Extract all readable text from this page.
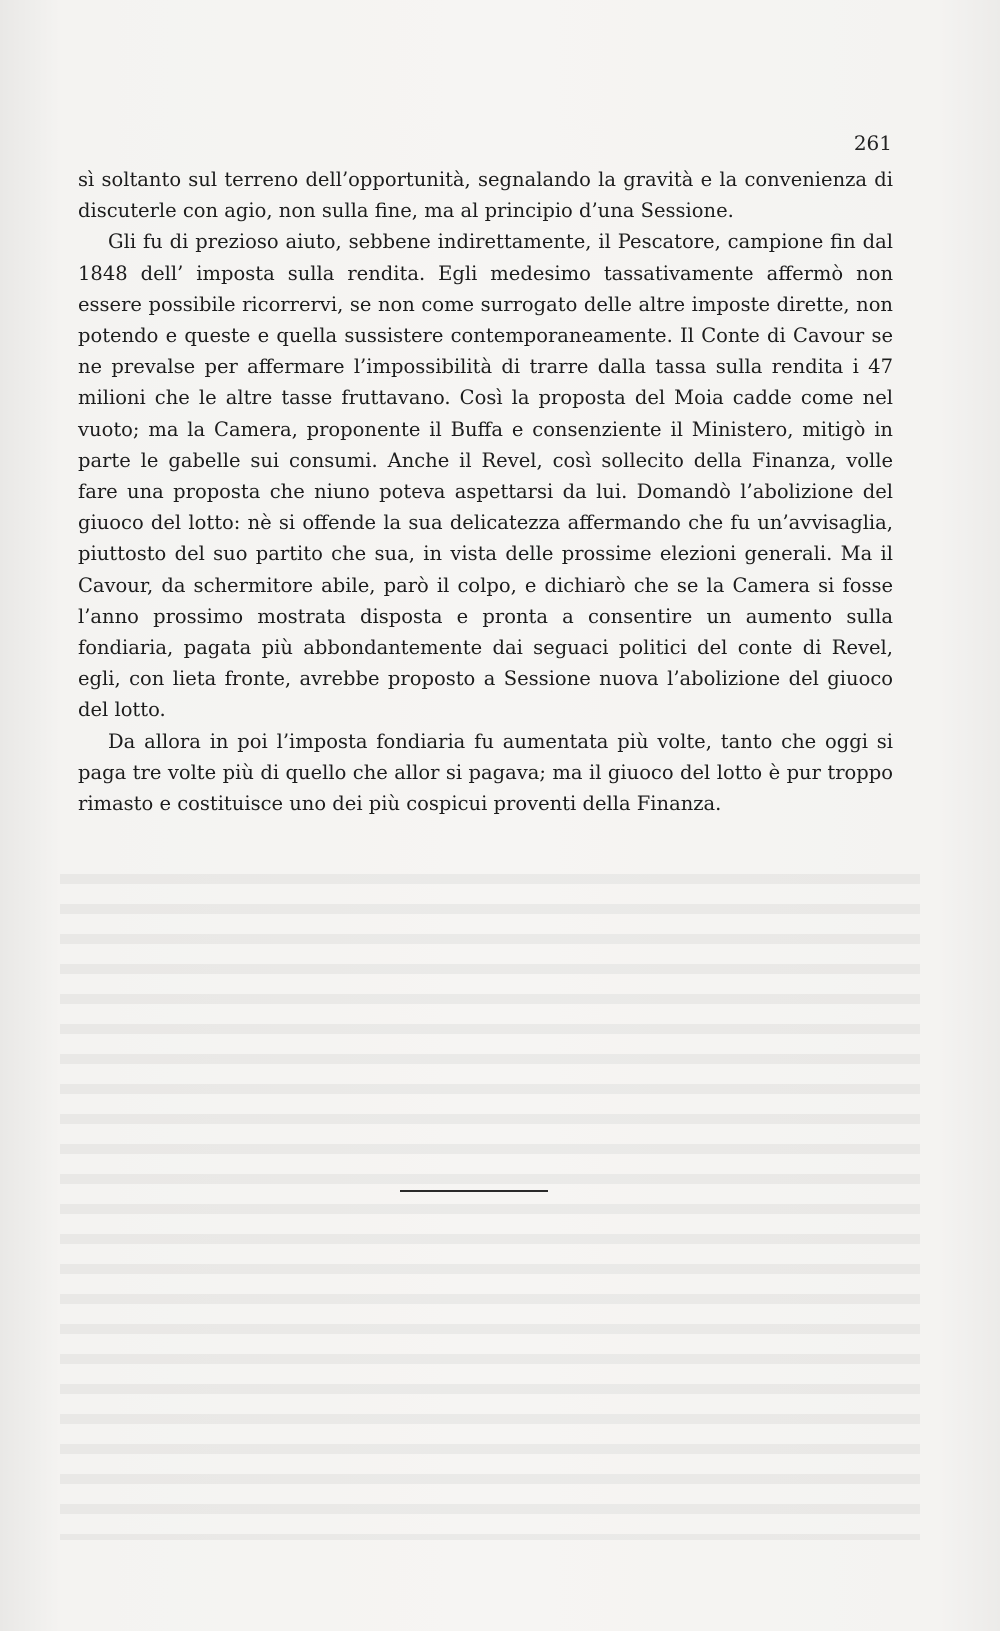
261

sì soltanto sul terreno dell’opportunità, segnalando la gravità e la convenienza di discuterle con agio, non sulla fine, ma al principio d’una Sessione.

Gli fu di prezioso aiuto, sebbene indirettamente, il Pescatore, campione fin dal 1848 dell’ imposta sulla rendita. Egli medesimo tassativamente affermò non essere possibile ricorrervi, se non come surrogato delle altre imposte dirette, non potendo e queste e quella sussistere contemporaneamente. Il Conte di Cavour se ne prevalse per affermare l’impossibilità di trarre dalla tassa sulla rendita i 47 milioni che le altre tasse fruttavano. Così la proposta del Moia cadde come nel vuoto; ma la Camera, proponente il Buffa e consenziente il Ministero, mitigò in parte le gabelle sui consumi. Anche il Revel, così sollecito della Finanza, volle fare una proposta che niuno poteva aspettarsi da lui. Domandò l’abolizione del giuoco del lotto: nè si offende la sua delicatezza affermando che fu un’avvisaglia, piuttosto del suo partito che sua, in vista delle prossime elezioni generali. Ma il Cavour, da schermitore abile, parò il colpo, e dichiarò che se la Camera si fosse l’anno prossimo mostrata disposta e pronta a consentire un aumento sulla fondiaria, pagata più abbondantemente dai seguaci politici del conte di Revel, egli, con lieta fronte, avrebbe proposto a Sessione nuova l’abolizione del giuoco del lotto.

Da allora in poi l’imposta fondiaria fu aumentata più volte, tanto che oggi si paga tre volte più di quello che allor si pagava; ma il giuoco del lotto è pur troppo rimasto e costituisce uno dei più cospicui proventi della Finanza.
